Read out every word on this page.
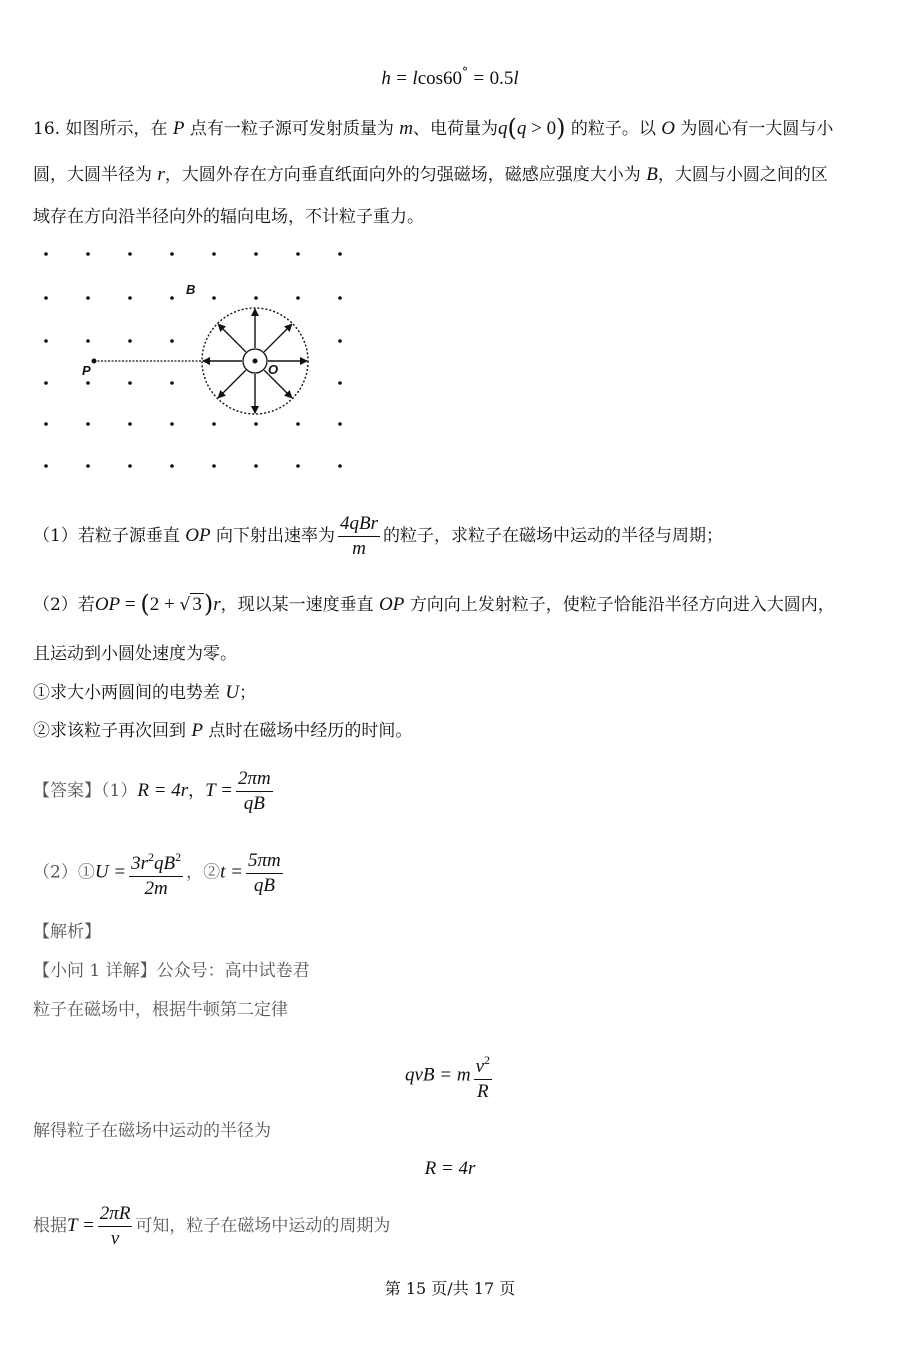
h = lcos60° = 0.5l
16. 如图所示，在 P 点有一粒子源可发射质量为 m、电荷量为q(q > 0) 的粒子。以 O 为圆心有一大圆与小
圆，大圆半径为 r，大圆外存在方向垂直纸面向外的匀强磁场，磁感应强度大小为 B，大圆与小圆之间的区
域存在方向沿半径向外的辐向电场，不计粒子重力。
B
P	O
（1）若粒子源垂直 OP 向下射出速率为 $\frac{\text{4qBr}}{m}$ 的粒子，求粒子在磁场中运动的半径与周期；
（2）若OP = (2 + √ 3)r，现以某一速度垂直 OP 方向向上发射粒子，使粒子恰能沿半径方向进入大圆内，
且运动到小圆处速度为零。
①求大小两圆间的电势差 U；
②求该粒子再次回到 P 点时在磁场中经历的时间。
【答案】（1）R = 4r，$T = \frac{2\pi m}{qB}$
（2）①U = $\frac{3r^2qB^2}{2m}$ ，②t = $\frac{5\pi m}{qB}$
【解析】
【小问 1 详解】公众号：高中试卷君
粒子在磁场中，根据牛顿第二定律
qvB = m $\frac{v^2}{R}$
解得粒子在磁场中运动的半径为
R = 4r
根据$T = \frac{2\pi R}{v}$ 可知，粒子在磁场中运动的周期为
第 15 页/共 17 页
